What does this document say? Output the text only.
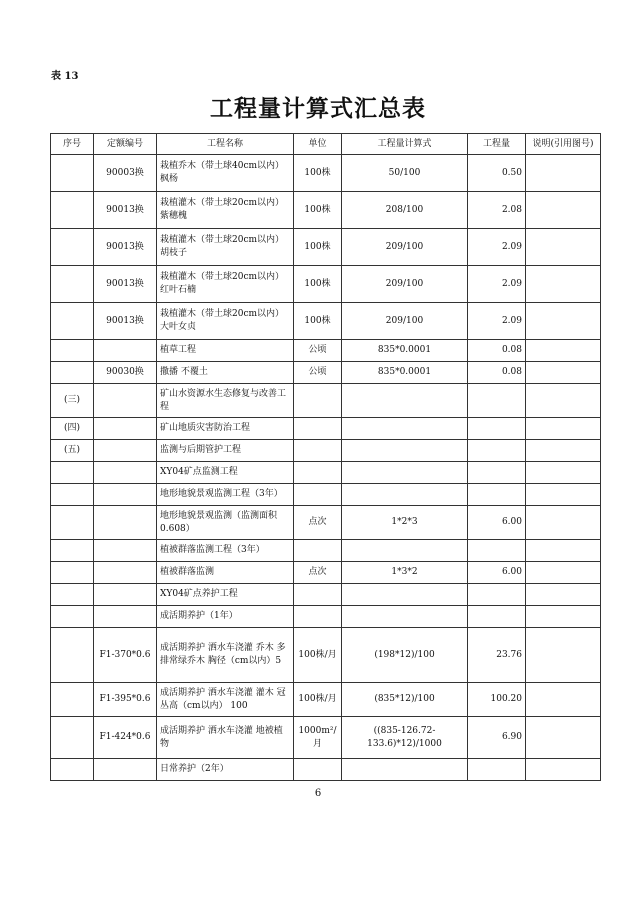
表 13
工程量计算式汇总表
序号	定额编号	工程名称	单位	工程量计算式	工程量	说明(引用图号)
	90003换	栽植乔木（带土球40cm以内）枫杨	100株	50/100	0.50	
	90013换	栽植灌木（带土球20cm以内）紫穗槐	100株	208/100	2.08	
	90013换	栽植灌木（带土球20cm以内）胡枝子	100株	209/100	2.09	
	90013换	栽植灌木（带土球20cm以内）红叶石楠	100株	209/100	2.09	
	90013换	栽植灌木（带土球20cm以内）大叶女贞	100株	209/100	2.09	
		植草工程	公顷	835*0.0001	0.08	
	90030换	撒播 不覆土	公顷	835*0.0001	0.08	
(三)		矿山水资源水生态修复与改善工程				
(四)		矿山地质灾害防治工程				
(五)		监测与后期管护工程				
		XY04矿点监测工程				
		地形地貌景观监测工程（3年）				
		地形地貌景观监测（监测面积0.608）	点次	1*2*3	6.00	
		植被群落监测工程（3年）				
		植被群落监测	点次	1*3*2	6.00	
		XY04矿点养护工程				
		成活期养护（1年）				
	F1-370*0.6	成活期养护 洒水车浇灌 乔木 多排常绿乔木 胸径（cm以内）5	100株/月	(198*12)/100	23.76	
	F1-395*0.6	成活期养护 洒水车浇灌 灌木 冠丛高（cm以内） 100	100株/月	(835*12)/100	100.20	
	F1-424*0.6	成活期养护 洒水车浇灌 地被植物	1000m²/月	((835-126.72-133.6)*12)/1000	6.90	
		日常养护（2年）				
6
